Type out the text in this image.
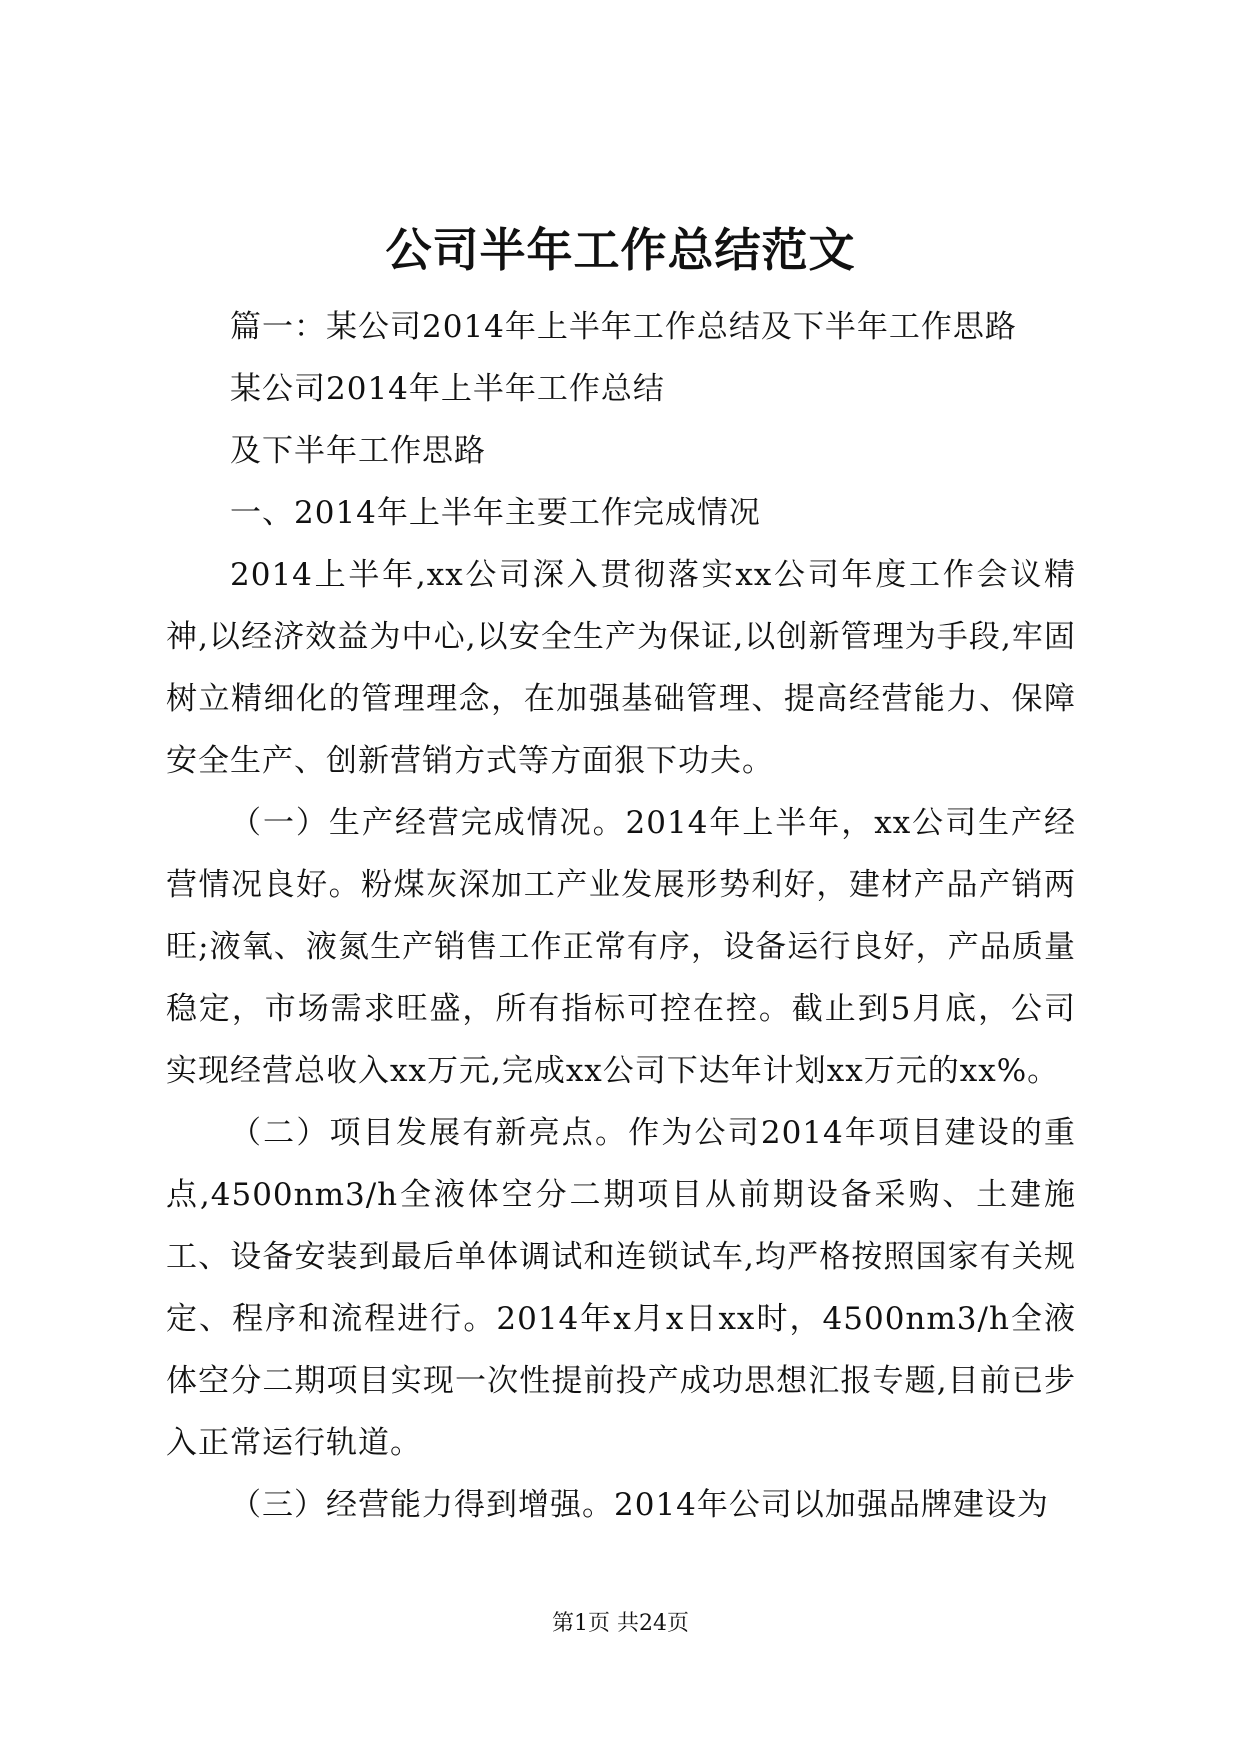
公司半年工作总结范文

篇一：某公司2014年上半年工作总结及下半年工作思路

某公司2014年上半年工作总结

及下半年工作思路

一、2014年上半年主要工作完成情况

2014上半年,xx公司深入贯彻落实xx公司年度工作会议精神,以经济效益为中心,以安全生产为保证,以创新管理为手段,牢固树立精细化的管理理念，在加强基础管理、提高经营能力、保障安全生产、创新营销方式等方面狠下功夫。

（一）生产经营完成情况。2014年上半年，xx公司生产经营情况良好。粉煤灰深加工产业发展形势利好，建材产品产销两旺;液氧、液氮生产销售工作正常有序，设备运行良好，产品质量稳定，市场需求旺盛，所有指标可控在控。截止到5月底，公司实现经营总收入xx万元,完成xx公司下达年计划xx万元的xx%。

（二）项目发展有新亮点。作为公司2014年项目建设的重点,4500nm3/h全液体空分二期项目从前期设备采购、土建施工、设备安装到最后单体调试和连锁试车,均严格按照国家有关规定、程序和流程进行。2014年x月x日xx时，4500nm3/h全液体空分二期项目实现一次性提前投产成功思想汇报专题,目前已步入正常运行轨道。

（三）经营能力得到增强。2014年公司以加强品牌建设为

第1页 共24页
